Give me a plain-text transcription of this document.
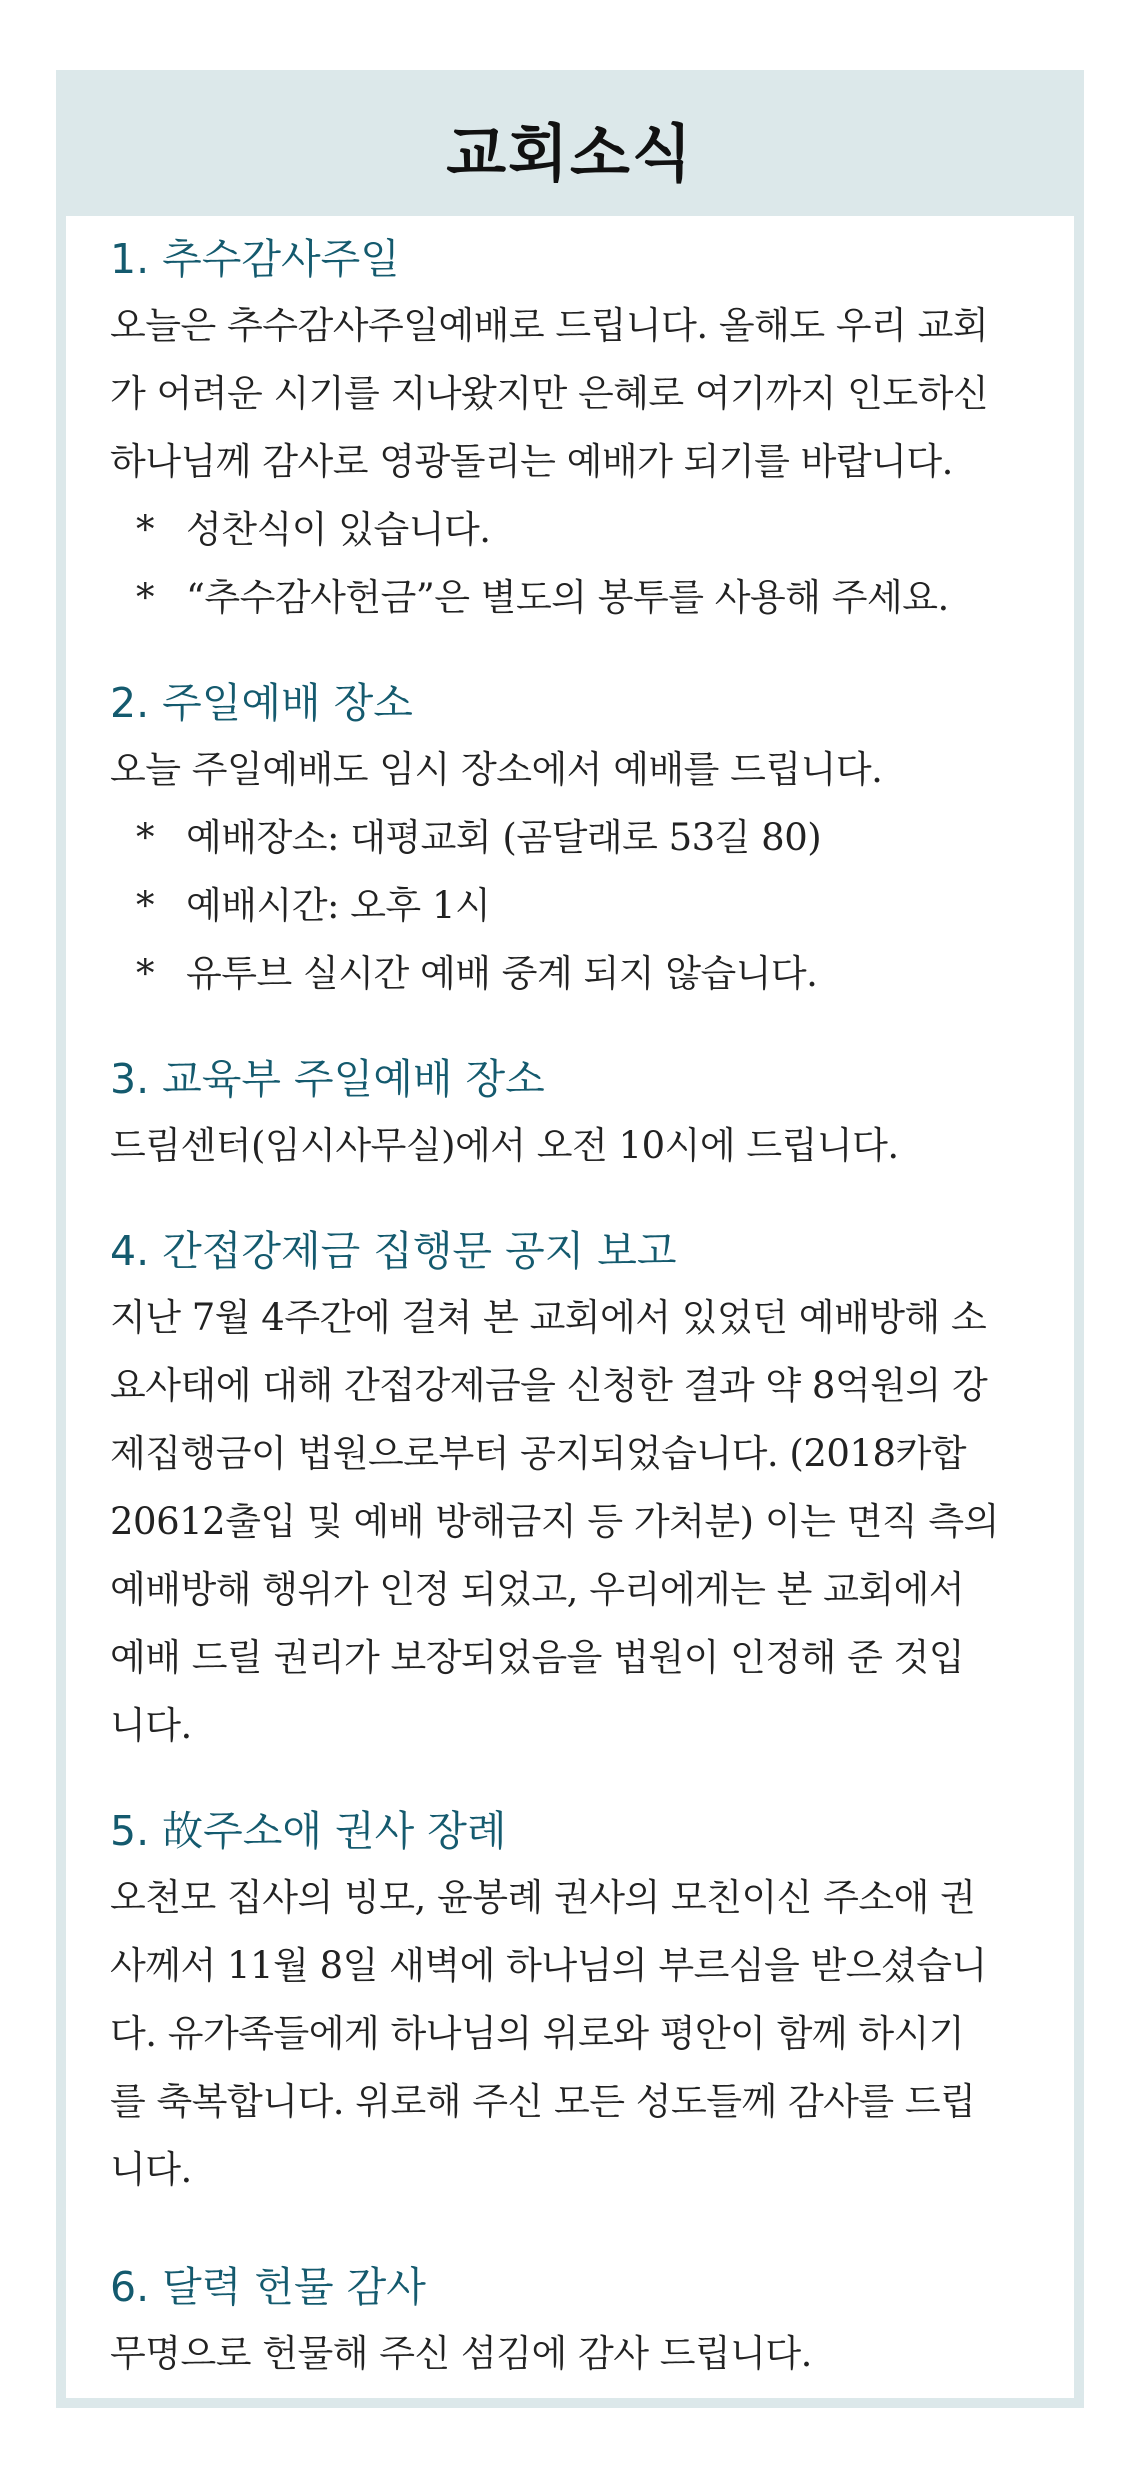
교회소식
1. 추수감사주일
오늘은 추수감사주일예배로 드립니다. 올해도 우리 교회
가 어려운 시기를 지나왔지만 은혜로 여기까지 인도하신
하나님께 감사로 영광돌리는 예배가 되기를 바랍니다.
* 성찬식이 있습니다.
* “추수감사헌금”은 별도의 봉투를 사용해 주세요.
2. 주일예배 장소
오늘 주일예배도 임시 장소에서 예배를 드립니다.
* 예배장소: 대평교회 (곰달래로 53길 80)
* 예배시간: 오후 1시
* 유투브 실시간 예배 중계 되지 않습니다.
3. 교육부 주일예배 장소
드림센터(임시사무실)에서 오전 10시에 드립니다.
4. 간접강제금 집행문 공지 보고
지난 7월 4주간에 걸쳐 본 교회에서 있었던 예배방해 소
요사태에 대해 간접강제금을 신청한 결과 약 8억원의 강
제집행금이 법원으로부터 공지되었습니다. (2018카합
20612출입 및 예배 방해금지 등 가처분) 이는 면직 측의
예배방해 행위가 인정 되었고, 우리에게는 본 교회에서
예배 드릴 권리가 보장되었음을 법원이 인정해 준 것입
니다.
5. 故주소애 권사 장례
오천모 집사의 빙모, 윤봉례 권사의 모친이신 주소애 권
사께서 11월 8일 새벽에 하나님의 부르심을 받으셨습니
다. 유가족들에게 하나님의 위로와 평안이 함께 하시기
를 축복합니다. 위로해 주신 모든 성도들께 감사를 드립
니다.
6. 달력 헌물 감사
무명으로 헌물해 주신 섬김에 감사 드립니다.
